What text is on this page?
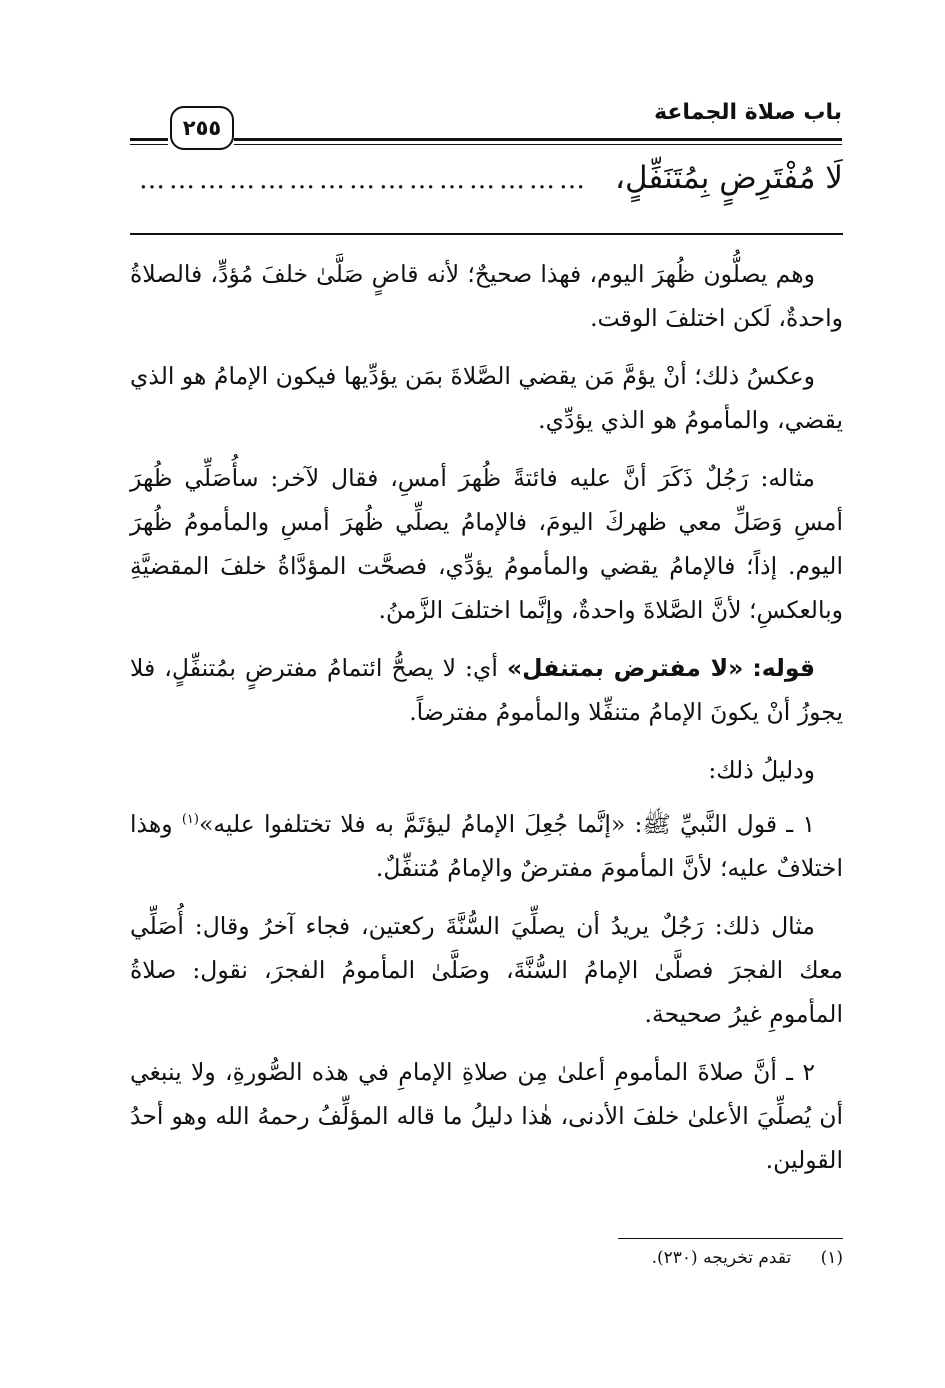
باب صلاة الجماعة
٢٥٥
لَا مُفْتَرِضٍ بِمُتَنَفِّلٍ،
………………………………………

وهم يصلُّون ظُهرَ اليوم، فهذا صحيحٌ؛ لأنه قاضٍ صَلَّىٰ خلفَ مُؤدٍّ، فالصلاةُ واحدةٌ، لَكن اختلفَ الوقت.

وعكسُ ذلك؛ أنْ يؤمَّ مَن يقضي الصَّلاةَ بمَن يؤدِّيها فيكون الإمامُ هو الذي يقضي، والمأمومُ هو الذي يؤدِّي.

مثاله: رَجُلٌ ذَكَرَ أنَّ عليه فائتةً ظُهرَ أمسِ، فقال لآخر: سأُصَلِّي ظُهرَ أمسِ وَصَلِّ معي ظهركَ اليومَ، فالإمامُ يصلِّي ظُهرَ أمسِ والمأمومُ ظُهرَ اليوم. إذاً؛ فالإمامُ يقضي والمأمومُ يؤدِّي، فصحَّت المؤدَّاةُ خلفَ المقضيَّةِ وبالعكسِ؛ لأنَّ الصَّلاةَ واحدةٌ، وإنَّما اختلفَ الزَّمنُ.

قوله: «لا مفترض بمتنفل» أي: لا يصحُّ ائتمامُ مفترضٍ بمُتنفِّلٍ، فلا يجوزُ أنْ يكونَ الإمامُ متنفِّلا والمأمومُ مفترضاً.

ودليلُ ذلك:

١ ـ قول النَّبيِّ ﷺ: «إنَّما جُعِلَ الإمامُ ليؤتَمَّ به فلا تختلفوا عليه»$^{(١)}$ وهذا اختلافٌ عليه؛ لأنَّ المأمومَ مفترضٌ والإمامُ مُتنفِّلٌ.

مثال ذلك: رَجُلٌ يريدُ أن يصلِّيَ السُّنَّةَ ركعتين، فجاء آخرُ وقال: أُصَلِّي معك الفجرَ فصلَّىٰ الإمامُ السُّنَّةَ، وصَلَّىٰ المأمومُ الفجرَ، نقول: صلاةُ المأمومِ غيرُ صحيحة.

٢ ـ أنَّ صلاةَ المأمومِ أعلىٰ مِن صلاةِ الإمامِ في هذه الصُّورةِ، ولا ينبغي أن يُصلِّيَ الأعلىٰ خلفَ الأدنى، هٰذا دليلُ ما قاله المؤلِّفُ رحمهُ الله وهو أحدُ القولين.

(١) تقدم تخريجه (٢٣٠).
